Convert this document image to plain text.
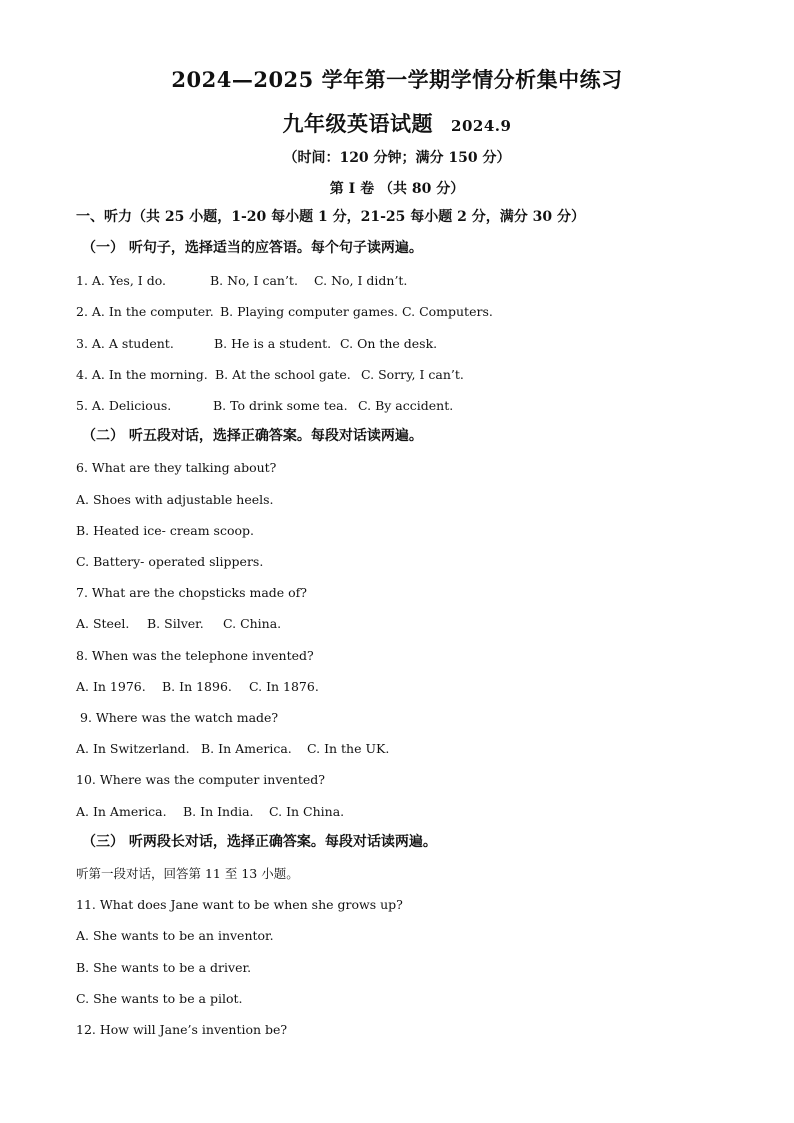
2024—2025 学年第一学期学情分析集中练习
九年级英语试题 2024.9
（时间：120 分钟；满分 150 分）
第 I 卷 （共 80 分）
一、听力（共 25 小题，1-20 每小题 1 分，21-25 每小题 2 分，满分 30 分）
（一） 听句子，选择适当的应答语。每个句子读两遍。
1. A. Yes, I do.	B. No, I can’t. C. No, I didn’t.
2. A. In the computer. B. Playing computer games. C. Computers.
3. A. A student.	B. He is a student. C. On the desk.
4. A. In the morning. B. At the school gate. C. Sorry, I can’t.
5. A. Delicious.	B. To drink some tea. C. By accident.
（二） 听五段对话，选择正确答案。每段对话读两遍。
6. What are they talking about?
A. Shoes with adjustable heels.
B. Heated ice- cream scoop.
C. Battery- operated slippers.
7. What are the chopsticks made of?
A. Steel. B. Silver. C. China.
8. When was the telephone invented?
A. In 1976. B. In 1896. C. In 1876.
9. Where was the watch made?
A. In Switzerland. B. In America. C. In the UK.
10. Where was the computer invented?
A. In America. B. In India. C. In China.
（三） 听两段长对话，选择正确答案。每段对话读两遍。
听第一段对话，回答第 11 至 13 小题。
11. What does Jane want to be when she grows up?
A. She wants to be an inventor.
B. She wants to be a driver.
C. She wants to be a pilot.
12. How will Jane’s invention be?
